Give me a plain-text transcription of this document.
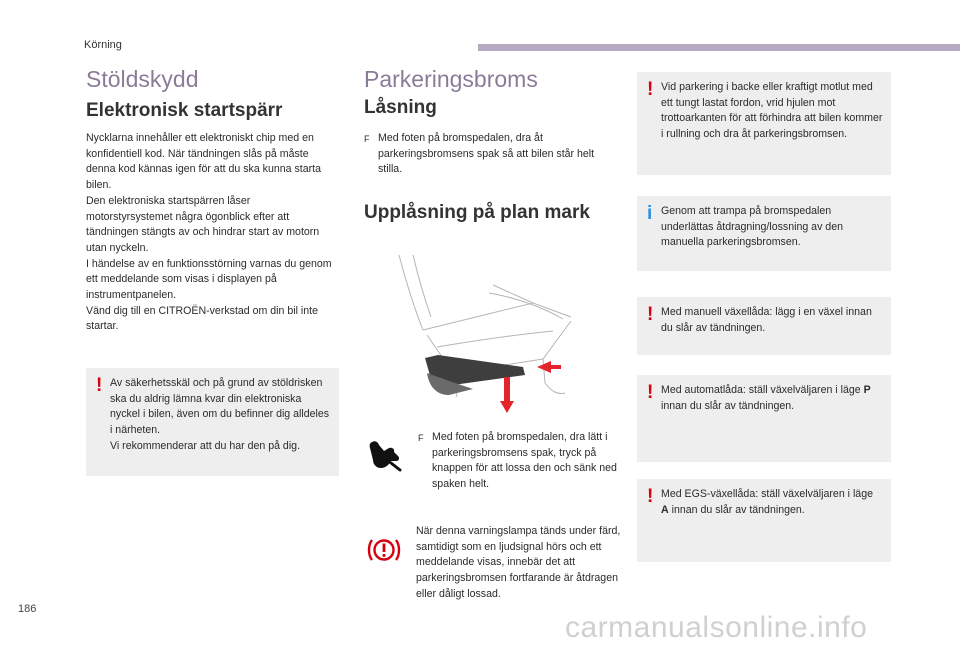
Körning
186
carmanualsonline.info
Stöldskydd
Elektronisk startspärr

Nycklarna innehåller ett elektroniskt chip med en konfidentiell kod. När tändningen slås på måste denna kod kännas igen för att du ska kunna starta bilen.

Den elektroniska startspärren låser motorstyrsystemet några ögonblick efter att tändningen stängts av och hindrar start av motorn utan nyckeln.

I händelse av en funktionsstörning varnas du genom ett meddelande som visas i displayen på instrumentpanelen.

Vänd dig till en CITROËN-verkstad om din bil inte startar.

! Av säkerhetsskäl och på grund av stöldrisken ska du aldrig lämna kvar din elektroniska nyckel i bilen, även om du befinner dig alldeles i närheten.

Vi rekommenderar att du har den på dig.

Parkeringsbroms
Låsning
F Med foten på bromspedalen, dra åt parkeringsbromsens spak så att bilen står helt stilla.
Upplåsning på plan mark
F Med foten på bromspedalen, dra lätt i parkeringsbromsens spak, tryck på knappen för att lossa den och sänk ned spaken helt.
När denna varningslampa tänds under färd, samtidigt som en ljudsignal hörs och ett meddelande visas, innebär det att parkeringsbromsen fortfarande är åtdragen eller dåligt lossad.
! Vid parkering i backe eller kraftigt motlut med ett tungt lastat fordon, vrid hjulen mot trottoarkanten för att förhindra att bilen kommer i rullning och dra åt parkeringsbromsen.
i Genom att trampa på bromspedalen underlättas åtdragning/lossning av den manuella parkeringsbromsen.
! Med manuell växellåda: lägg i en växel innan du slår av tändningen.
! Med automatlåda: ställ växelväljaren i läge P innan du slår av tändningen.
! Med EGS-växellåda: ställ växelväljaren i läge A innan du slår av tändningen.
